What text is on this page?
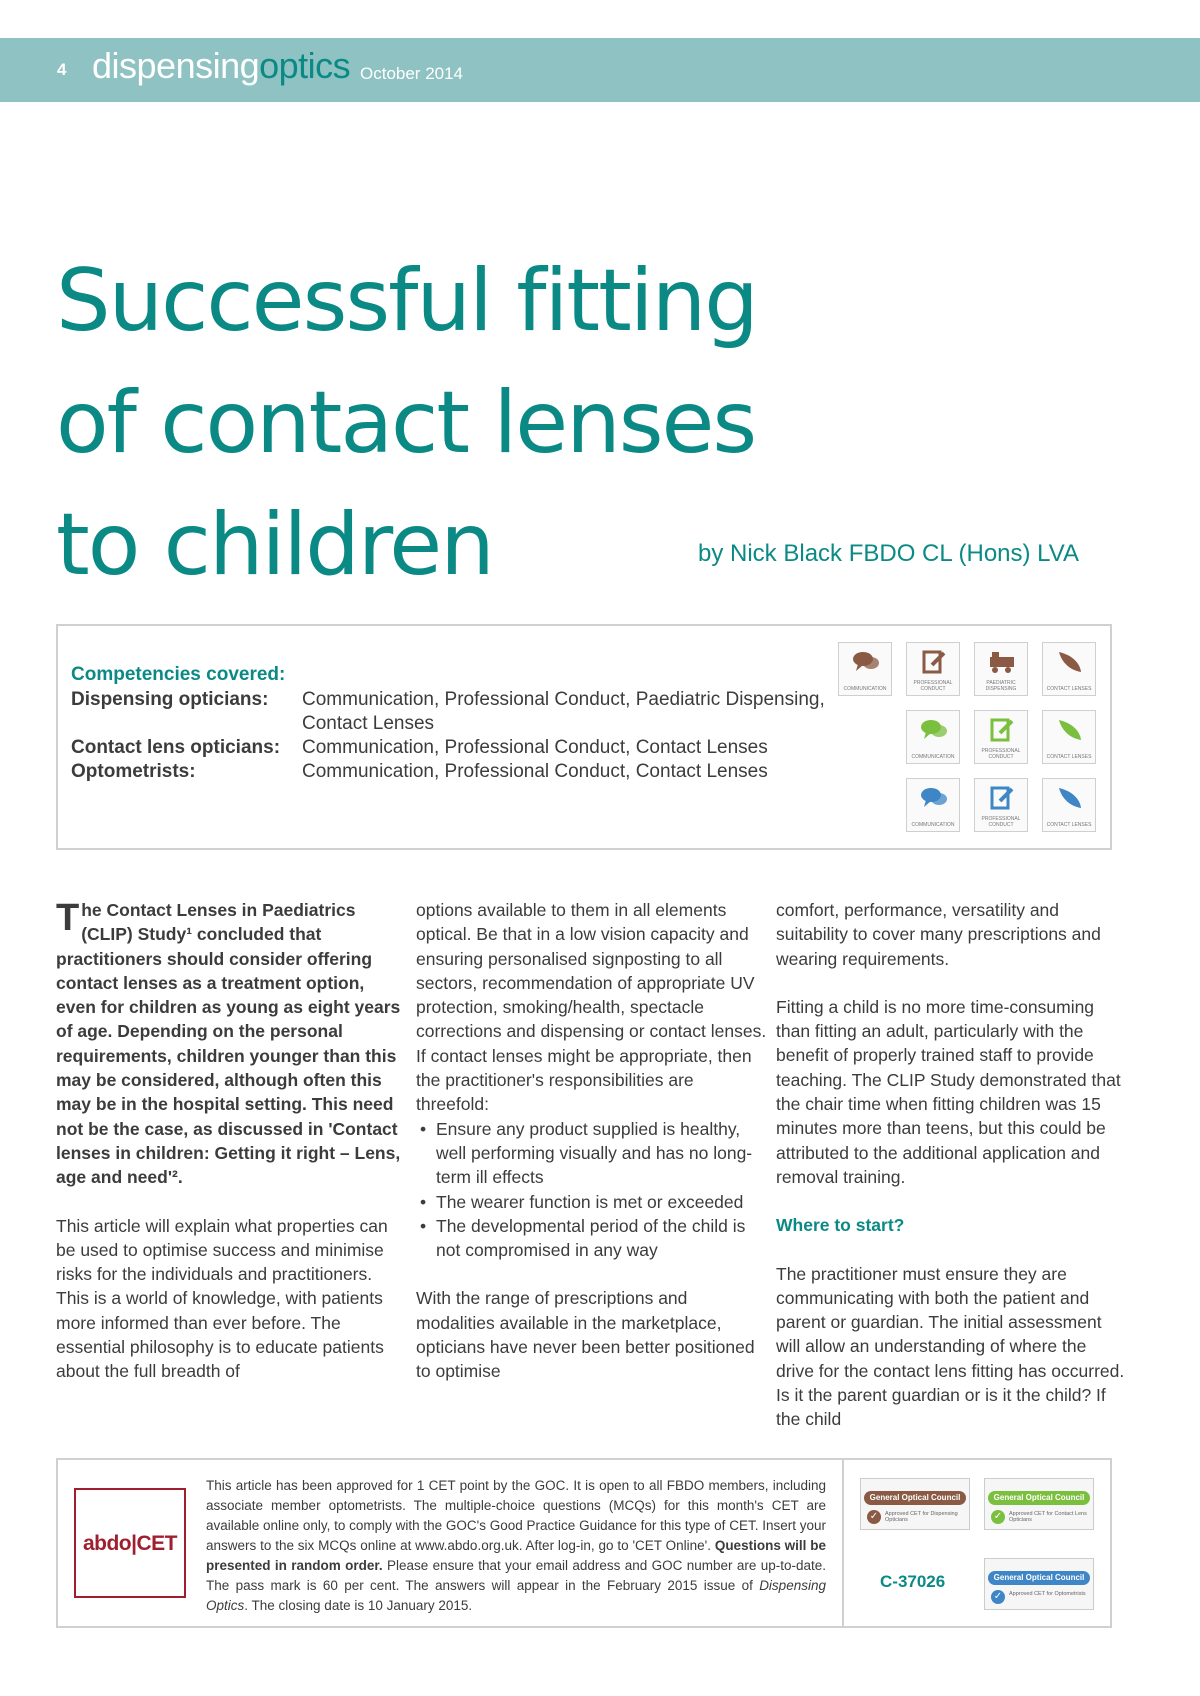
4 dispensingoptics October 2014
Successful fitting
of contact lenses
to children	by Nick Black FBDO CL (Hons) LVA
Competencies covered:
Dispensing opticians:	Communication, Professional Conduct, Paediatric Dispensing, Contact Lenses
Contact lens opticians:	Communication, Professional Conduct, Contact Lenses
Optometrists:	Communication, Professional Conduct, Contact Lenses
COMMUNICATION
PROFESSIONAL CONDUCT
PAEDIATRIC DISPENSING	CONTACT LENSES
COMMUNICATION
PROFESSIONAL CONDUCT	CONTACT LENSES
COMMUNICATION
PROFESSIONAL CONDUCT	CONTACT LENSES

The Contact Lenses in Paediatrics (CLIP) Study¹ concluded that practitioners should consider offering contact lenses as a treatment option, even for children as young as eight years of age. Depending on the personal requirements, children younger than this may be considered, although often this may be in the hospital setting. This need not be the case, as discussed in 'Contact lenses in children: Getting it right – Lens, age and need'².

This article will explain what properties can be used to optimise success and minimise risks for the individuals and practitioners. This is a world of knowledge, with patients more informed than ever before. The essential philosophy is to educate patients about the full breadth of

options available to them in all elements optical. Be that in a low vision capacity and ensuring personalised signposting to all sectors, recommendation of appropriate UV protection, smoking/health, spectacle corrections and dispensing or contact lenses. If contact lenses might be appropriate, then the practitioner's responsibilities are threefold:

• Ensure any product supplied is healthy, well performing visually and has no long-term ill effects
• The wearer function is met or exceeded
• The developmental period of the child is not compromised in any way

With the range of prescriptions and modalities available in the marketplace, opticians have never been better positioned to optimise

comfort, performance, versatility and suitability to cover many prescriptions and wearing requirements.

Fitting a child is no more time-consuming than fitting an adult, particularly with the benefit of properly trained staff to provide teaching. The CLIP Study demonstrated that the chair time when fitting children was 15 minutes more than teens, but this could be attributed to the additional application and removal training.

Where to start?

The practitioner must ensure they are communicating with both the patient and parent or guardian. The initial assessment will allow an understanding of where the drive for the contact lens fitting has occurred. Is it the parent guardian or is it the child? If the child

abdo|CET
This article has been approved for 1 CET point by the GOC. It is open to all FBDO members, including associate member optometrists. The multiple-choice questions (MCQs) for this month's CET are available online only, to comply with the GOC's Good Practice Guidance for this type of CET. Insert your answers to the six MCQs online at www.abdo.org.uk. After log-in, go to 'CET Online'. Questions will be presented in random order. Please ensure that your email address and GOC number are up-to-date. The pass mark is 60 per cent. The answers will appear in the February 2015 issue of Dispensing Optics. The closing date is 10 January 2015.
General Optical Council
✓	Approved CET for Dispensing Opticians
General Optical Council
✓	Approved CET for Contact Lens Opticians
General Optical Council
✓	Approved CET for Optometrists
C-37026
